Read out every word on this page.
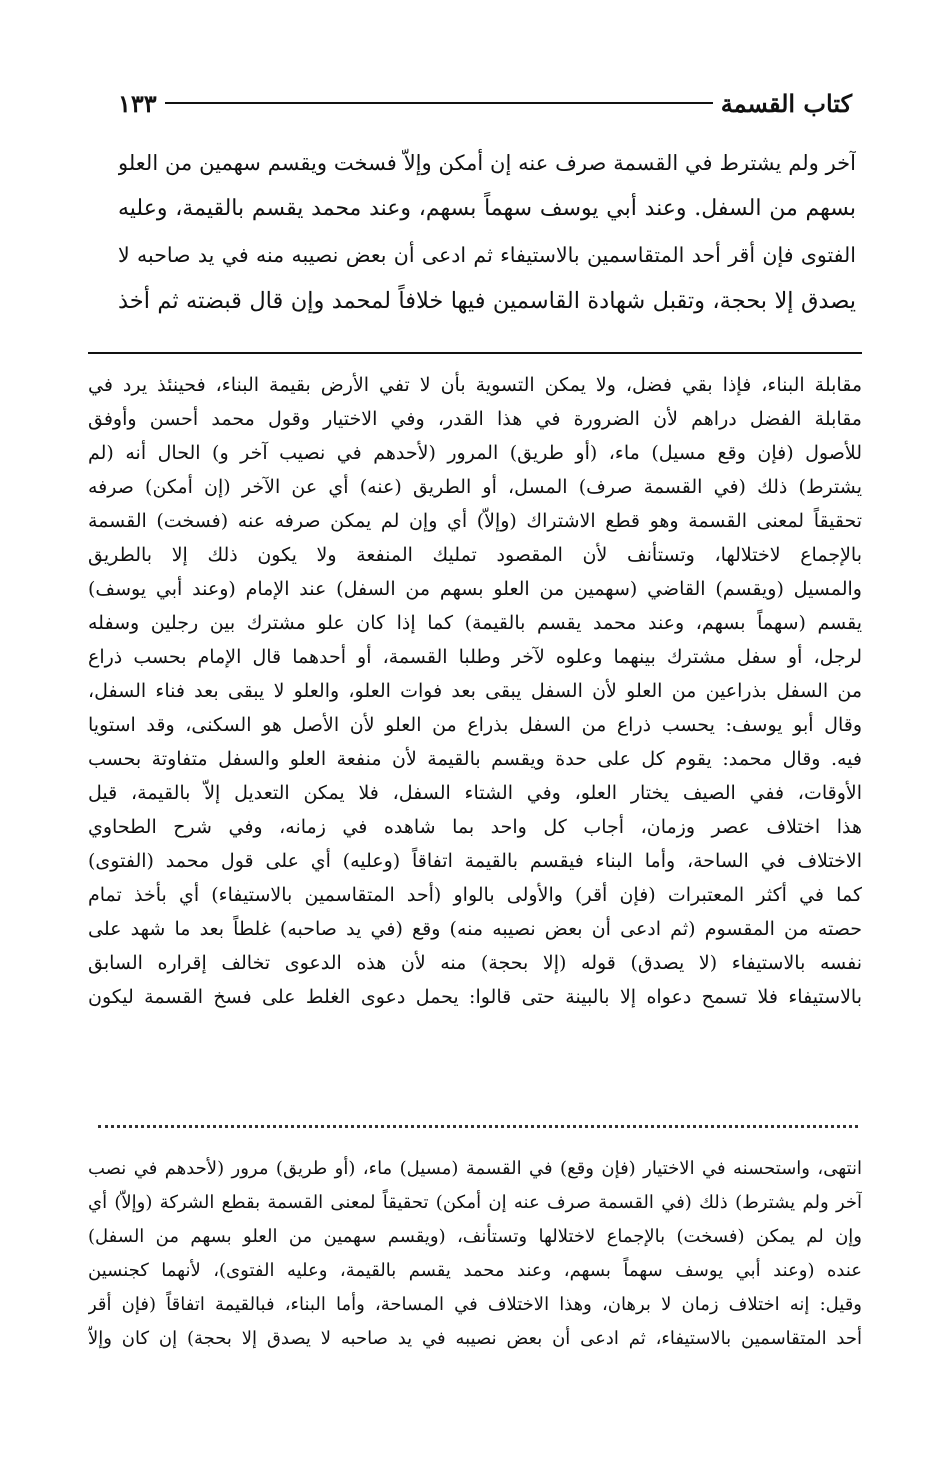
كتاب القسمة
١٣٣
آخر ولم يشترط في القسمة صرف عنه إن أمكن وإلاّ فسخت ويقسم سهمين من العلو
بسهم من السفل. وعند أبي يوسف سهماً بسهم، وعند محمد يقسم بالقيمة، وعليه
الفتوى فإن أقر أحد المتقاسمين بالاستيفاء ثم ادعى أن بعض نصيبه منه في يد صاحبه لا
يصدق إلا بحجة، وتقبل شهادة القاسمين فيها خلافاً لمحمد وإن قال قبضته ثم أخذ
مقابلة البناء، فإذا بقي فضل، ولا يمكن التسوية بأن لا تفي الأرض بقيمة البناء، فحينئذ يرد في
مقابلة الفضل دراهم لأن الضرورة في هذا القدر، وفي الاختيار وقول محمد أحسن وأوفق
للأصول (فإن وقع مسيل) ماء، (أو طريق) المرور (لأحدهم في نصيب آخر و) الحال أنه (لم
يشترط) ذلك (في القسمة صرف) المسل، أو الطريق (عنه) أي عن الآخر (إن أمكن) صرفه
تحقيقاً لمعنى القسمة وهو قطع الاشتراك (وإلاّ) أي وإن لم يمكن صرفه عنه (فسخت) القسمة
بالإجماع لاختلالها، وتستأنف لأن المقصود تمليك المنفعة ولا يكون ذلك إلا بالطريق
والمسيل (ويقسم) القاضي (سهمين من العلو بسهم من السفل) عند الإمام (وعند أبي يوسف)
يقسم (سهماً بسهم، وعند محمد يقسم بالقيمة) كما إذا كان علو مشترك بين رجلين وسفله
لرجل، أو سفل مشترك بينهما وعلوه لآخر وطلبا القسمة، أو أحدهما قال الإمام بحسب ذراع
من السفل بذراعين من العلو لأن السفل يبقى بعد فوات العلو، والعلو لا يبقى بعد فناء السفل،
وقال أبو يوسف: يحسب ذراع من السفل بذراع من العلو لأن الأصل هو السكنى، وقد استويا
فيه. وقال محمد: يقوم كل على حدة ويقسم بالقيمة لأن منفعة العلو والسفل متفاوتة بحسب
الأوقات، ففي الصيف يختار العلو، وفي الشتاء السفل، فلا يمكن التعديل إلاّ بالقيمة، قيل
هذا اختلاف عصر وزمان، أجاب كل واحد بما شاهده في زمانه، وفي شرح الطحاوي
الاختلاف في الساحة، وأما البناء فيقسم بالقيمة اتفاقاً (وعليه) أي على قول محمد (الفتوى)
كما في أكثر المعتبرات (فإن أقر) والأولى بالواو (أحد المتقاسمين بالاستيفاء) أي بأخذ تمام
حصته من المقسوم (ثم ادعى أن بعض نصيبه منه) وقع (في يد صاحبه) غلطاً بعد ما شهد على
نفسه بالاستيفاء (لا يصدق) قوله (إلا بحجة) منه لأن هذه الدعوى تخالف إقراره السابق
بالاستيفاء فلا تسمح دعواه إلا بالبينة حتى قالوا: يحمل دعوى الغلط على فسخ القسمة ليكون
انتهى، واستحسنه في الاختيار (فإن وقع) في القسمة (مسيل) ماء، (أو طريق) مرور (لأحدهم في نصب
آخر ولم يشترط) ذلك (في القسمة صرف عنه إن أمكن) تحقيقاً لمعنى القسمة بقطع الشركة (وإلاّ) أي
وإن لم يمكن (فسخت) بالإجماع لاختلالها وتستأنف، (ويقسم سهمين من العلو بسهم من السفل)
عنده (وعند أبي يوسف سهماً بسهم، وعند محمد يقسم بالقيمة، وعليه الفتوى)، لأنهما كجنسين
وقيل: إنه اختلاف زمان لا برهان، وهذا الاختلاف في المساحة، وأما البناء، فبالقيمة اتفاقاً (فإن أقر
أحد المتقاسمين بالاستيفاء، ثم ادعى أن بعض نصيبه في يد صاحبه لا يصدق إلا بحجة) إن كان وإلاّ
